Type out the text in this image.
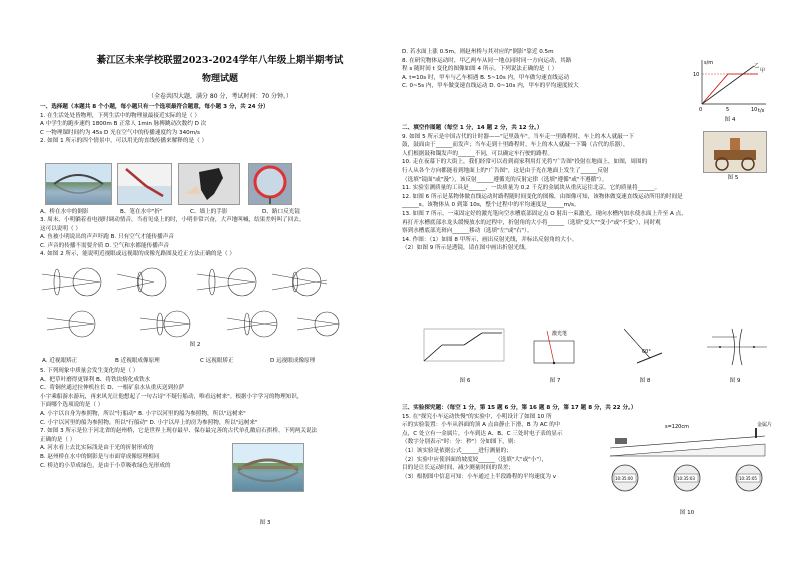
綦江区未来学校联盟2023-2024学年八年级上期半期考试
物理试题
（全卷共四大题，满分 80 分，考试时间：70 分钟。）
一、选择题（本题共 8 个小题，每小题只有一个选项最符合题意，每小题 3 分，共 24 分）
1. 在生活处处皆物理，下列生活中的物理量最接近实际的是（ ）
A 中学生的跑步速约 1800m B 正常人 1min 脉搏跳动次数约 D 次
C 一物理课时间约为 45s D 光在空气中的传播速度约为 340m/s
2. 如图 1 所示的四个情景中，可以用光的直线传播来解释的是（ ）
A、桥在水中的倒影	B、笔在水中"折"	C、墙上的手影	D、路口反光镜
3. 周末，小明躺着看电视时调动情音，当看见桌上的时，小明非常兴奋，大声地叫喊，结果差妈叫了回去。
这可以说明（ ）
A. 鱼被小明说出的声声吓跑 B. 只有空气才能传播声音
C. 声音的传播不需要介质 D. 空气和水都能传播声音
4. 如图 2 所示，能说明近视眼或远视眼的成像光路图及近正方法正确的是（ ）
图 2
A. 近视眼矫正	B 近视眼成像原理	C 远视眼矫正	D 远视眼成像原理
5. 下列现象中质量会发生变化的是（ ）
A、把草叶磨得更锋利 B、将铁块熔化成铁水
C、将铜丝通过拉伸机拉长 D、一根矿泉水从重庆送到拉萨
小宇乘船游水游玩，再来风光让他想起了一句古诗"不疑行船动，唯看远树来"。根据小宇学习的物理知识，
下面哪个选项说的是（ ）
A. 小宇以自身为参照物，所以"行船动" B. 小宇以河里的船为参照物，所以"远树来"
C. 小宇以河里的船为参照物，所以"行船动" D. 小宇以岸上的房为参照物，所以"远树来"
7. 如图 3 所示是位于河北省的赵州桥，它是世界上现存最早、保存最完善的古代单孔敞肩石拱桥。下列两关说法
正确的是（ ）
A. 河水看上去比实际浅是由于光的折射形成的
B. 赵州桥在水中的倒影是与市面穿成像原理相同
C. 桥边的小草成绿色，是由于小草吸收绿色光形成的
图 3
D. 若水面上涨 0.5m，则赵州桥与其对应的"倒影"靠近 0.5m
8. 在研究物体运动时，甲乙两车从同一地点同时同一方向运动，其路
程 s 随时间 t 变化的图像如图 4 所示。下列说法正确的是（ ）
A. t=10s 时，甲车与乙车相遇 B. 5~10s 内，甲车做匀速直线运动
C. 0~5s 内，甲车做变速直线运动 D. 0~10s 内，甲车的平均速度较大
s/m
t/s
10
0	5	10
甲
乙
图 4
二、填空作图题（每空 1 分，14 题 2 分，共 12 分。）
9. 如图 5 所示是中国古代的计时器——"记里鼓车"。当车走一里路程时，车上的木人就敲一下
鼓，鼓面由于______而发声；当车走到十里路程时，车上的木人就敲一下镯（古代的乐器），
人们根据鼓和镯发声的______不同，可以确定车行驶的路程。
10. 走在夜幕下的大街上，我们经常可以看到商家利用灯光将"广告图"投射在地面上，如图，周围的
行人从各个方向都能看到地面上的"广告图"，这是由于光在地面上发生了______反射
（选填"镜面"或"漫"），该反射______遵循光的反射定律（选填"遵循"或"不遵循"）。
11. 实验室测质量的工具是______，一块质量为 0.2 千克的金属块从重庆运往北京，它的质量将______。
12. 如图 6 所示是某物体做直线运动时路程随时间变化的图像，由图像可知，该物体做变速直线运动所用的时间是
______s。该物体从 0 到第 10s，整个过程中的平均速度是______m/s。
13. 如图 7 所示，一束固定好的激光笔向空水槽底部固定点 O 射出一束激光，现向水槽内加水使水面上升至 A 点，
再打开水槽底部水龙头缓慢放水的过程中，折射角的大小将______（选填"变大""变小"或"不变"），同时观
察到水槽底部光斑向______移动（选填"左"或"右"）。
14. 作图：（1）如图 8 甲所示，画出反射光线，并标出反射角的大小。
（2）如图 9 所示是透镜，请在图中画出折射光线。
图 5
激光笔
60°
图 6	图 7	图 8	图 9
三、实验探究题：（每空 1 分，第 15 题 6 分，第 16 题 8 分，第 17 题 8 分，共 22 分。）
15. 在"探究小车运动快慢"的实验中，小明设计了如图 10 所
示的实验装置：小车从斜面的顶 A 点由静止下滑，B 为 AC 的中
点，C 处立有一金属片，小车到达 A、B、C 三处时电子表的显示
（数字分别表示"时：分：秒"）分如图下，则：
（1）该实验是依据公式______进行测量的；
（2）实验中应使斜面的坡度较______（选填"大"或"小"），
目的是让长运动时间，减少测量时间的误差；
（3）根据图中信息可知：小车通过上半段路程的平均速度为 v
s=120cm	金属片
10:35:00	10:35:03	10:35:05
图 10
